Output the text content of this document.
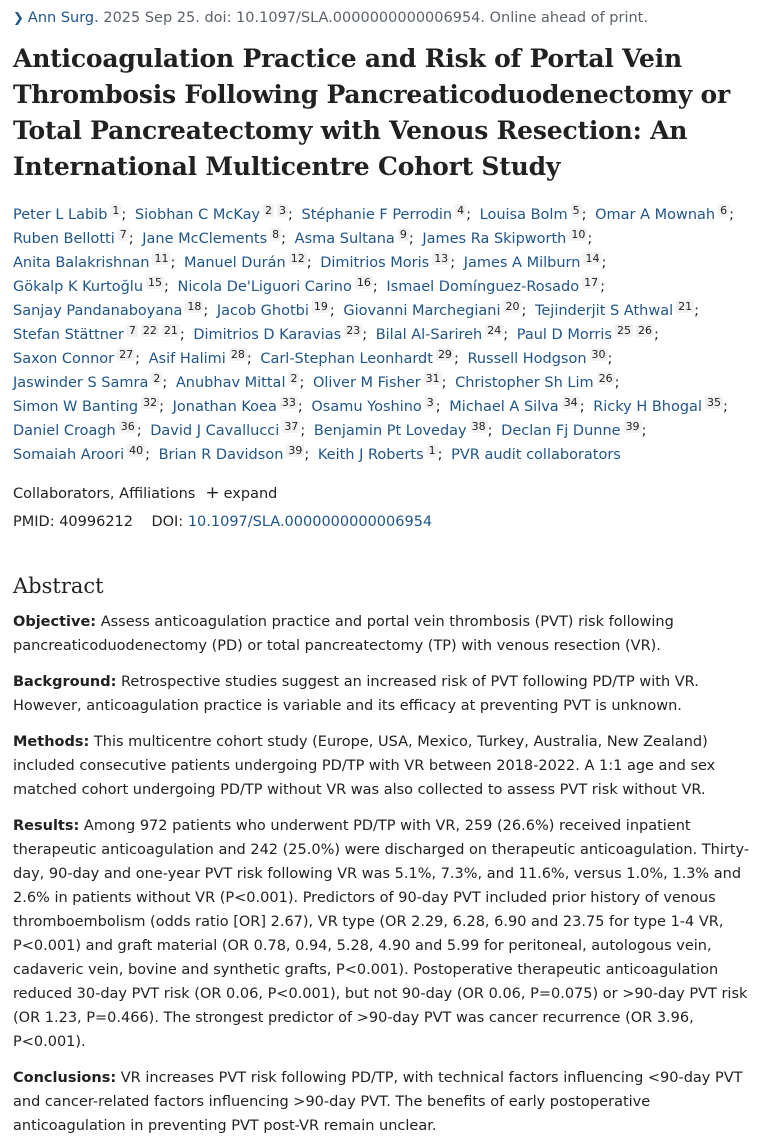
❯ Ann Surg. 2025 Sep 25. doi: 10.1097/SLA.0000000000006954. Online ahead of print.
Anticoagulation Practice and Risk of Portal Vein Thrombosis Following Pancreaticoduodenectomy or Total Pancreatectomy with Venous Resection: An International Multicentre Cohort Study
Peter L Labib 1 ; Siobhan C McKay 2 3 ; Stéphanie F Perrodin 4 ; Louisa Bolm 5 ; Omar A Mownah 6 ; Ruben Bellotti 7 ; Jane McClements 8 ; Asma Sultana 9 ; James Ra Skipworth 10 ; Anita Balakrishnan 11 ; Manuel Durán 12 ; Dimitrios Moris 13 ; James A Milburn 14 ; Gökalp K Kurtoğlu 15 ; Nicola De'Liguori Carino 16 ; Ismael Domínguez-Rosado 17 ; Sanjay Pandanaboyana 18 ; Jacob Ghotbi 19 ; Giovanni Marchegiani 20 ; Tejinderjit S Athwal 21 ; Stefan Stättner 7 22 21 ; Dimitrios D Karavias 23 ; Bilal Al-Sarireh 24 ; Paul D Morris 25 26 ; Saxon Connor 27 ; Asif Halimi 28 ; Carl-Stephan Leonhardt 29 ; Russell Hodgson 30 ; Jaswinder S Samra 2 ; Anubhav Mittal 2 ; Oliver M Fisher 31 ; Christopher Sh Lim 26 ; Simon W Banting 32 ; Jonathan Koea 33 ; Osamu Yoshino 3 ; Michael A Silva 34 ; Ricky H Bhogal 35 ; Daniel Croagh 36 ; David J Cavallucci 37 ; Benjamin Pt Loveday 38 ; Declan Fj Dunne 39 ; Somaiah Aroori 40 ; Brian R Davidson 39 ; Keith J Roberts 1 ; PVR audit collaborators
Collaborators, Affiliations + expand
PMID: 40996212 DOI: 10.1097/SLA.0000000000006954
Abstract

Objective: Assess anticoagulation practice and portal vein thrombosis (PVT) risk following pancreaticoduodenectomy (PD) or total pancreatectomy (TP) with venous resection (VR).

Background: Retrospective studies suggest an increased risk of PVT following PD/TP with VR. However, anticoagulation practice is variable and its efficacy at preventing PVT is unknown.

Methods: This multicentre cohort study (Europe, USA, Mexico, Turkey, Australia, New Zealand) included consecutive patients undergoing PD/TP with VR between 2018-2022. A 1:1 age and sex matched cohort undergoing PD/TP without VR was also collected to assess PVT risk without VR.

Results: Among 972 patients who underwent PD/TP with VR, 259 (26.6%) received inpatient therapeutic anticoagulation and 242 (25.0%) were discharged on therapeutic anticoagulation. Thirty-day, 90-day and one-year PVT risk following VR was 5.1%, 7.3%, and 11.6%, versus 1.0%, 1.3% and 2.6% in patients without VR (P<0.001). Predictors of 90-day PVT included prior history of venous thromboembolism (odds ratio [OR] 2.67), VR type (OR 2.29, 6.28, 6.90 and 23.75 for type 1-4 VR, P<0.001) and graft material (OR 0.78, 0.94, 5.28, 4.90 and 5.99 for peritoneal, autologous vein, cadaveric vein, bovine and synthetic grafts, P<0.001). Postoperative therapeutic anticoagulation reduced 30-day PVT risk (OR 0.06, P<0.001), but not 90-day (OR 0.06, P=0.075) or >90-day PVT risk (OR 1.23, P=0.466). The strongest predictor of >90-day PVT was cancer recurrence (OR 3.96, P<0.001).

Conclusions: VR increases PVT risk following PD/TP, with technical factors influencing <90-day PVT and cancer-related factors influencing >90-day PVT. The benefits of early postoperative anticoagulation in preventing PVT post-VR remain unclear.
